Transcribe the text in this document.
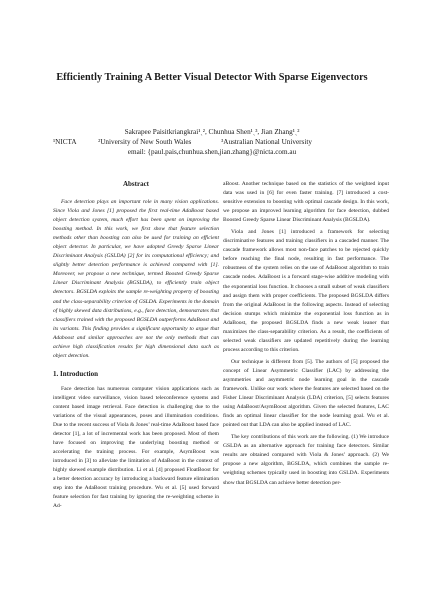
Efficiently Training A Better Visual Detector With Sparse Eigenvectors
Sakrapee Paisitkriangkrai¹ˎ², Chunhua Shen¹ˎ³, Jian Zhang¹ˎ²
¹NICTA	²University of New South Wales	³Australian National University
email: {paul.pais,chunhua.shen,jian.zhang}@nicta.com.au
Abstract

Face detection plays an important role in many vision applications. Since Viola and Jones [1] proposed the first real-time AdaBoost based object detection system, much effort has been spent on improving the boosting method. In this work, we first show that feature selection methods other than boosting can also be used for training an efficient object detector. In particular, we have adopted Greedy Sparse Linear Discriminant Analysis (GSLDA) [2] for its computational efficiency; and slightly better detection performance is achieved compared with [1]. Moreover, we propose a new technique, termed Boosted Greedy Sparse Linear Discriminant Analysis (BGSLDA), to efficiently train object detectors. BGSLDA exploits the sample re-weighting property of boosting and the class-separability criterion of GSLDA. Experiments in the domain of highly skewed data distributions, e.g., face detection, demonstrates that classifiers trained with the proposed BGSLDA outperforms AdaBoost and its variants. This finding provides a significant opportunity to argue that Adaboost and similar approaches are not the only methods that can achieve high classification results for high dimensional data such as object detection.

1. Introduction

Face detection has numerous computer vision applications such as intelligent video surveillance, vision based teleconference systems and content based image retrieval. Face detection is challenging due to the variations of the visual appearances, poses and illumination conditions. Due to the recent success of Viola & Jones’ real-time AdaBoost based face detector [1], a lot of incremental work has been proposed. Most of them have focused on improving the underlying boosting method or accelerating the training process. For example, AsymBoost was introduced in [3] to alleviate the limitation of AdaBoost in the context of highly skewed example distribution. Li et al. [4] proposed FloatBoost for a better detection accuracy by introducing a backward feature elimination step into the AdaBoost training procedure. Wu et al. [5] used forward feature selection for fast training by ignoring the re-weighting scheme in Ad-

aBoost. Another technique based on the statistics of the weighted input data was used in [6] for even faster training. [7] introduced a cost-sensitive extension to boosting with optimal cascade design. In this work, we propose an improved learning algorithm for face detection, dubbed Boosted Greedy Sparse Linear Discriminant Analysis (BGSLDA).

Viola and Jones [1] introduced a framework for selecting discriminative features and training classifiers in a cascaded manner. The cascade framework allows most non-face patches to be rejected quickly before reaching the final node, resulting in fast performance. The robustness of the system relies on the use of AdaBoost algorithm to train cascade nodes. AdaBoost is a forward stage-wise additive modeling with the exponential loss function. It chooses a small subset of weak classifiers and assign them with proper coefficients. The proposed BGSLDA differs from the original AdaBoost in the following aspects. Instead of selecting decision stumps which minimize the exponential loss function as in AdaBoost, the proposed BGSLDA finds a new weak leaner that maximizes the class-separability criterion. As a result, the coefficients of selected weak classifiers are updated repetitively during the learning process according to this criterion.

Our technique is different from [5]. The authors of [5] proposed the concept of Linear Asymmetric Classifier (LAC) by addressing the asymmetries and asymmetric node learning goal in the cascade framework. Unlike our work where the features are selected based on the Fisher Linear Discriminant Analysis (LDA) criterion, [5] selects features using AdaBoost/AsymBoost algorithm. Given the selected features, LAC finds an optimal linear classifier for the node learning goal. Wu et al. pointed out that LDA can also be applied instead of LAC.

The key contributions of this work are the following. (1) We introduce GSLDA as an alternative approach for training face detectors. Similar results are obtained compared with Viola & Jones’ approach. (2) We propose a new algorithm, BGSLDA, which combines the sample re-weighting schemes typically used in boosting into GSLDA. Experiments show that BGSLDA can achieve better detection per-
